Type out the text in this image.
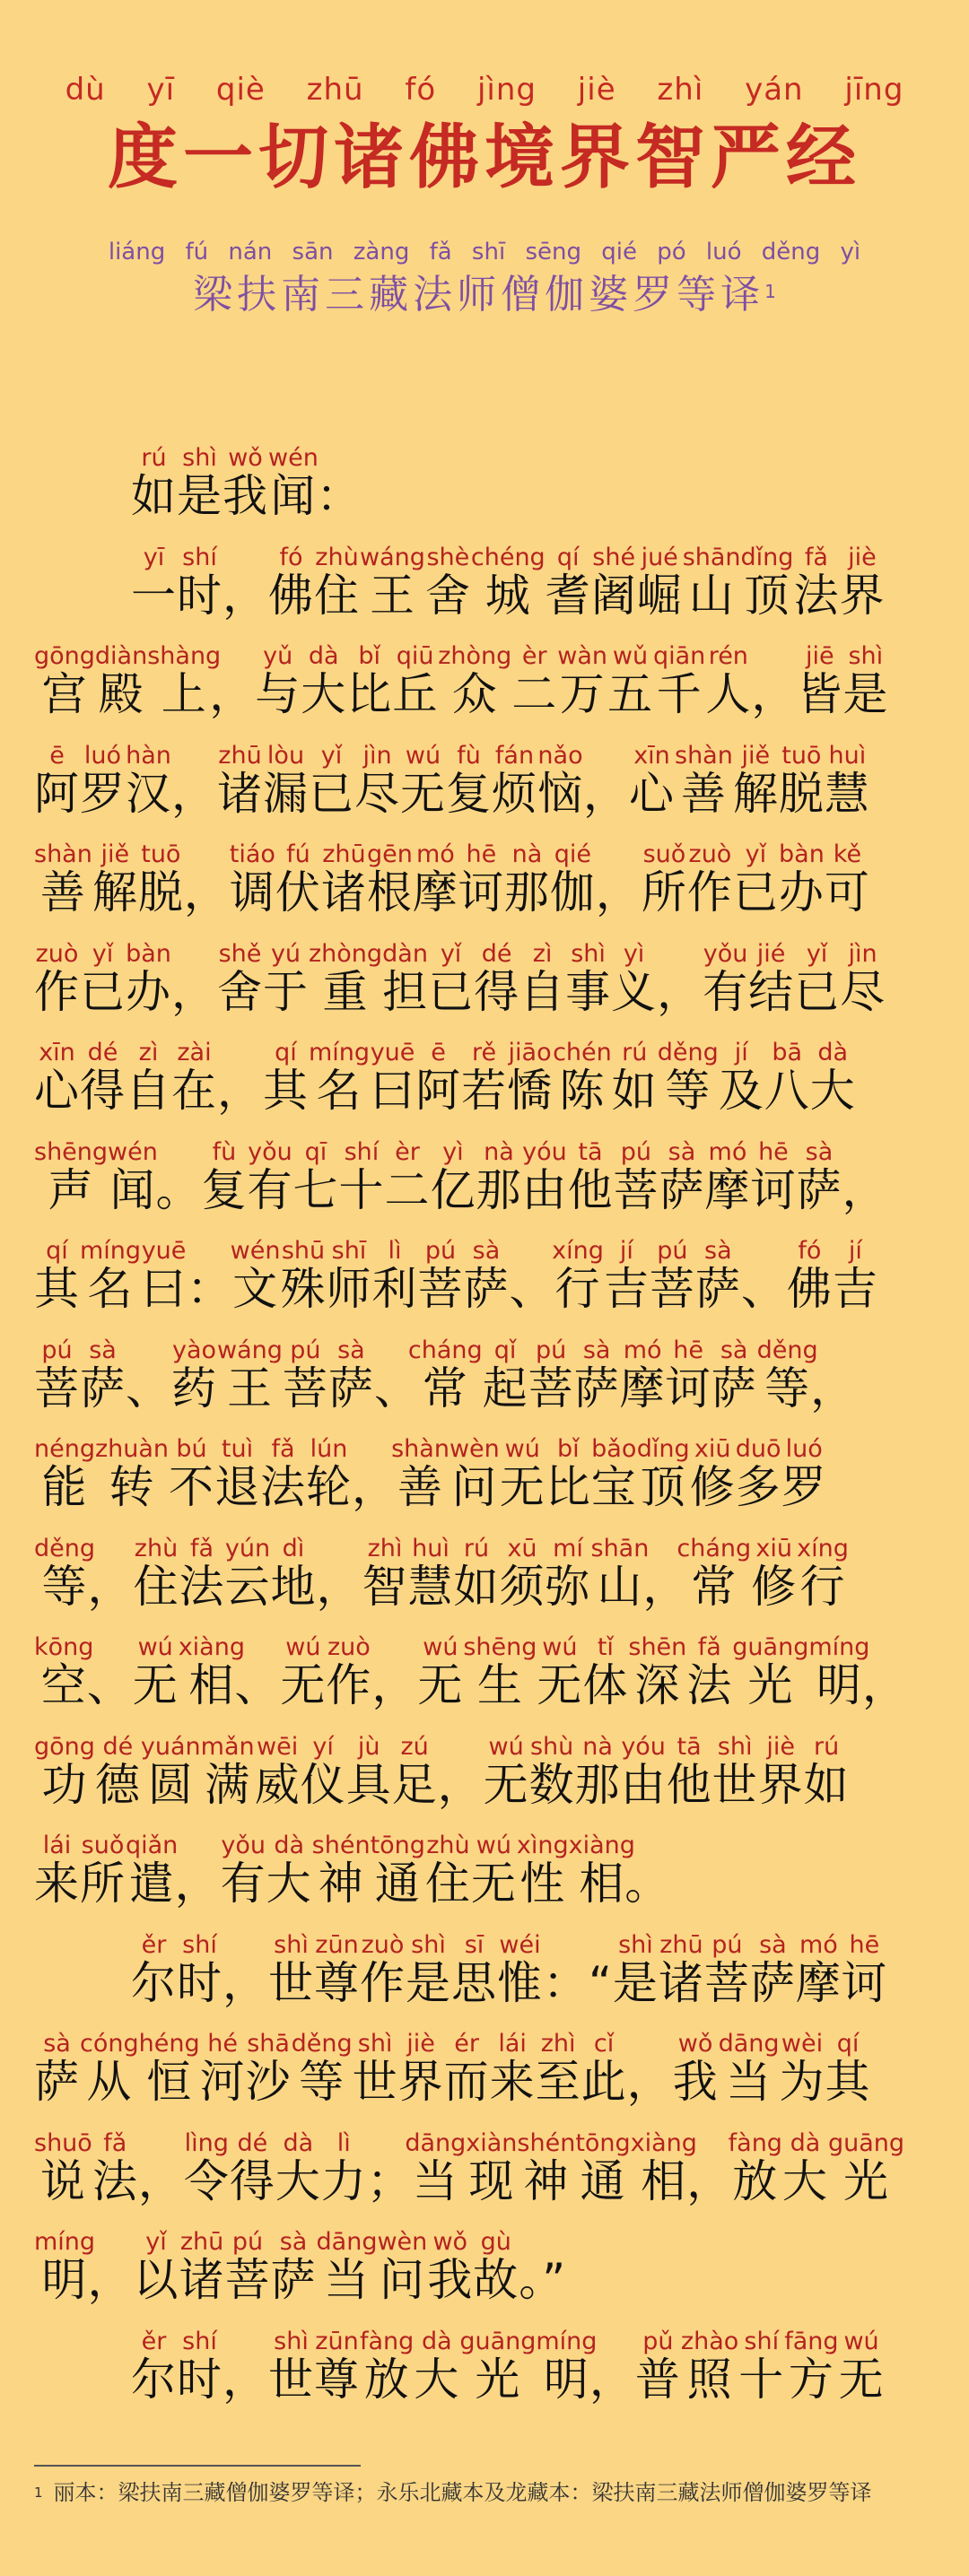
dù yī qiè zhū fó jìng jiè zhì yán jīng
度一切诸佛境界智严经
liáng fú nán sān zàng fǎ shī sēng qié pó luó děng yì
梁扶南三藏法师僧伽婆罗等译$^1$
如rú是shì我wǒ闻wén：
一yī时shí，佛fó住zhù王wáng舍shè城chéng耆qí阇shé崛jué山shān顶dǐng法fǎ界jiè
宫gōng殿diàn上shàng，与yǔ大dà比bǐ丘qiū众zhòng二èr万wàn五wǔ千qiān人rén，皆jiē是shì
阿ē罗luó汉hàn，诸zhū漏lòu已yǐ尽jìn无wú复fù烦fán恼nǎo，心xīn善shàn解jiě脱tuō慧huì
善shàn解jiě脱tuō，调tiáo伏fú诸zhū根gēn摩mó诃hē那nà伽qié，所suǒ作zuò已yǐ办bàn可kě
作zuò已yǐ办bàn，舍shě于yú重zhòng担dàn已yǐ得dé自zì事shì义yì，有yǒu结jié已yǐ尽jìn
心xīn得dé自zì在zài，其qí名míng曰yuē阿ē若rě憍jiāo陈chén如rú等děng及jí八bā大dà
声shēng闻wén。复fù有yǒu七qī十shí二èr亿yì那nà由yóu他tā菩pú萨sà摩mó诃hē萨sà，
其qí名míng曰yuē：文wén殊shū师shī利lì菩pú萨sà、行xíng吉jí菩pú萨sà、佛fó吉jí
菩pú萨sà、药yào王wáng菩pú萨sà、常cháng起qǐ菩pú萨sà摩mó诃hē萨sà等děng，
能néng转zhuàn不bú退tuì法fǎ轮lún，善shàn问wèn无wú比bǐ宝bǎo顶dǐng修xiū多duō罗luó
等děng，住zhù法fǎ云yún地dì，智zhì慧huì如rú须xū弥mí山shān，常cháng修xiū行xíng
空kōng、无wú相xiàng、无wú作zuò，无wú生shēng无wú体tǐ深shēn法fǎ光guāng明míng，
功gōng德dé圆yuán满mǎn威wēi仪yí具jù足zú，无wú数shù那nà由yóu他tā世shì界jiè如rú
来lái所suǒ遣qiǎn，有yǒu大dà神shén通tōng住zhù无wú性xìng相xiàng。
尔ěr时shí，世shì尊zūn作zuò是shì思sī惟wéi：“是shì诸zhū菩pú萨sà摩mó诃hē
萨sà从cóng恒héng河hé沙shā等děng世shì界jiè而ér来lái至zhì此cǐ，我wǒ当dāng为wèi其qí
说shuō法fǎ，令lìng得dé大dà力lì；当dāng现xiàn神shén通tōng相xiàng，放fàng大dà光guāng
明míng，以yǐ诸zhū菩pú萨sà当dāng问wèn我wǒ故gù。”
尔ěr时shí，世shì尊zūn放fàng大dà光guāng明míng，普pǔ照zhào十shí方fāng无wú
$^1$ 丽本：梁扶南三藏僧伽婆罗等译；永乐北藏本及龙藏本：梁扶南三藏法师僧伽婆罗等译
